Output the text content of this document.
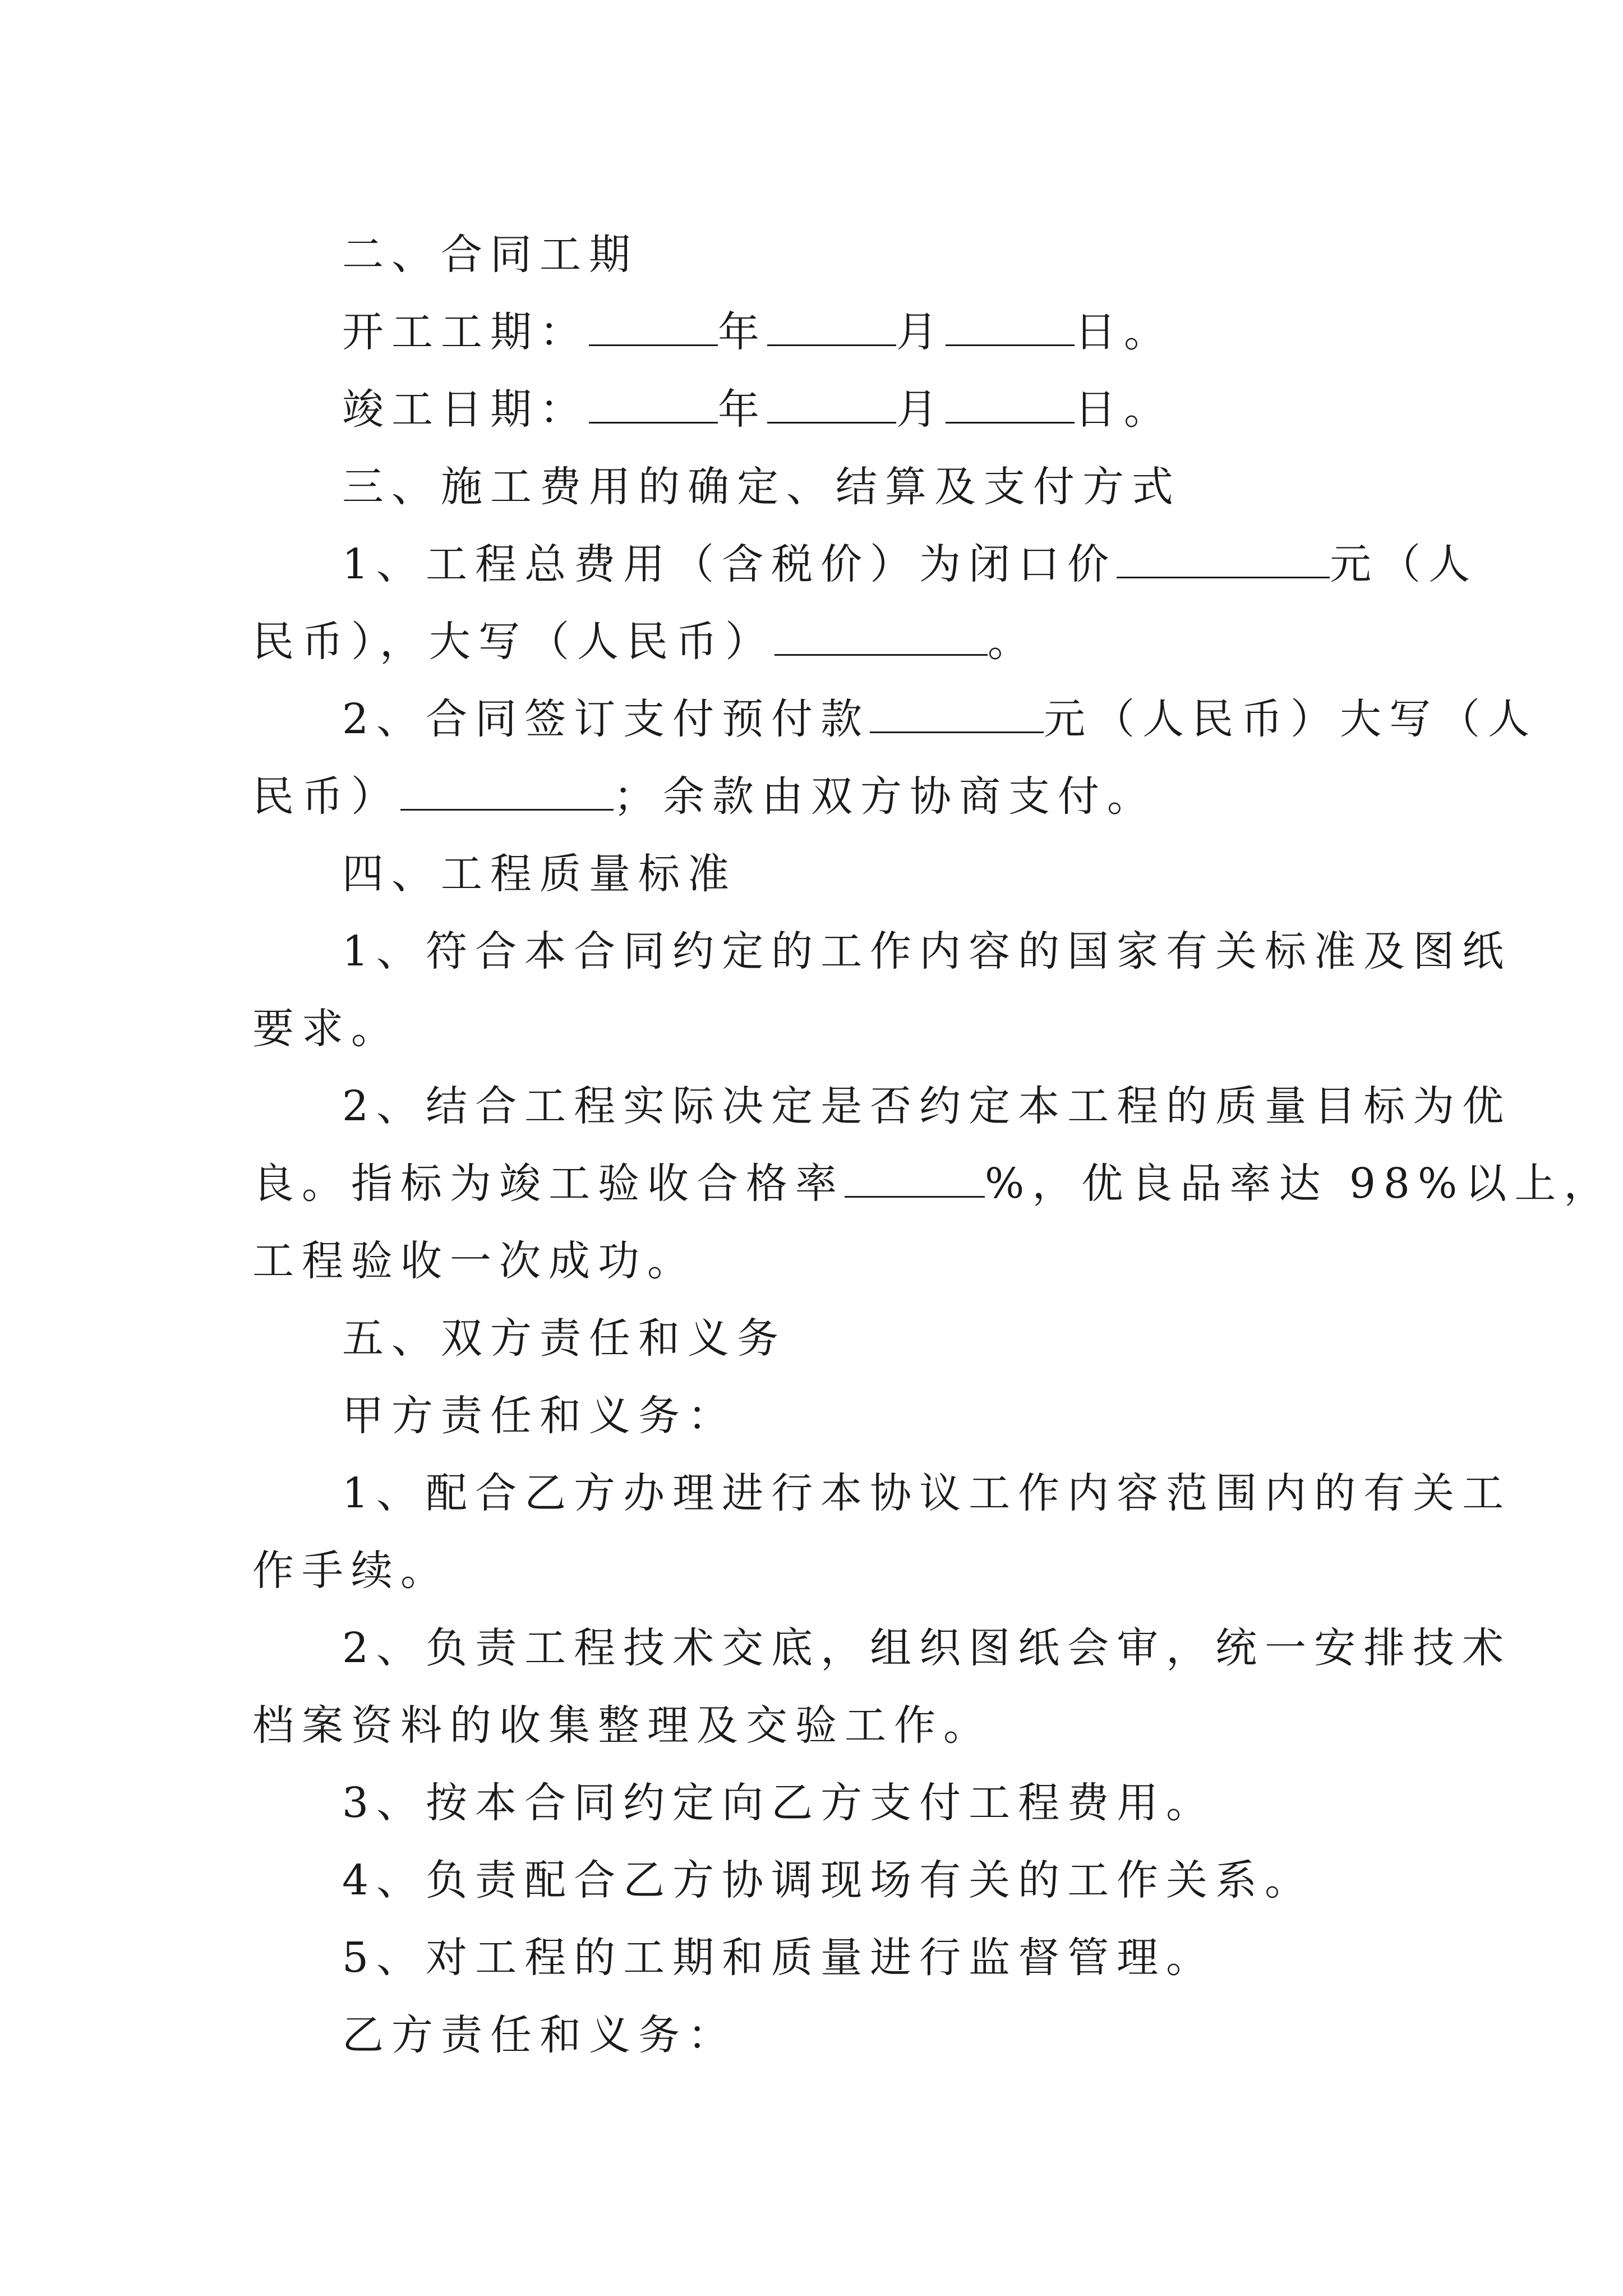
二、合同工期

开工工期：	年	月	日。

竣工日期：	年	月	日。

三、施工费用的确定、结算及支付方式

1、工程总费用（含税价）为闭口价	元（人

民币），大写（人民币）	。

2、合同签订支付预付款	元（人民币）大写（人

民币）	；余款由双方协商支付。

四、工程质量标准

1、符合本合同约定的工作内容的国家有关标准及图纸

要求。

2、结合工程实际决定是否约定本工程的质量目标为优

良。指标为竣工验收合格率	%，优良品率达 98%以上，

工程验收一次成功。

五、双方责任和义务

甲方责任和义务：

1、配合乙方办理进行本协议工作内容范围内的有关工

作手续。

2、负责工程技术交底，组织图纸会审，统一安排技术

档案资料的收集整理及交验工作。

3、按本合同约定向乙方支付工程费用。

4、负责配合乙方协调现场有关的工作关系。

5、对工程的工期和质量进行监督管理。

乙方责任和义务：
